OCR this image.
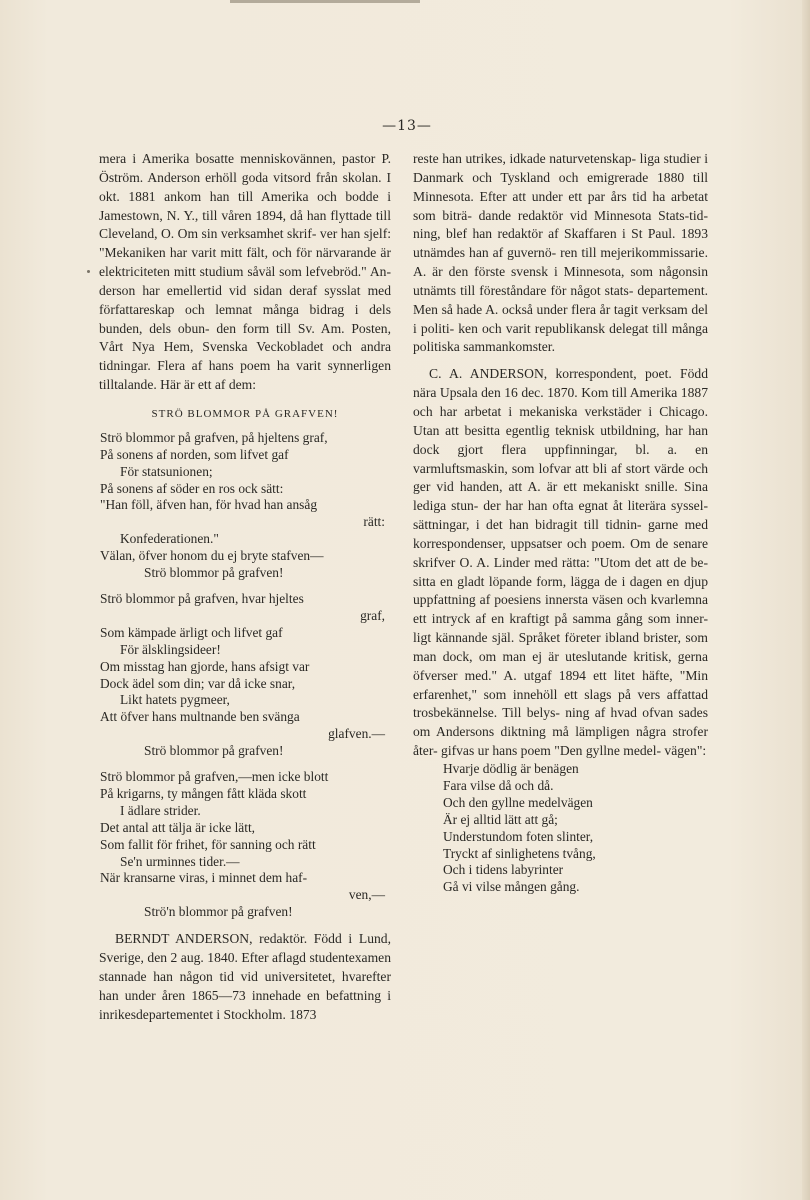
—13—

mera i Amerika bosatte menniskovännen, pastor P. Öström. Anderson erhöll goda vitsord från skolan. I okt. 1881 ankom han till Amerika och bodde i Jamestown, N. Y., till våren 1894, då han flyttade till Cleveland, O. Om sin verksamhet skrif- ver han sjelf: "Mekaniken har varit mitt fält, och för närvarande är elektriciteten mitt studium såväl som lefvebröd." An- derson har emellertid vid sidan deraf sysslat med författareskap och lemnat många bidrag i dels bunden, dels obun- den form till Sv. Am. Posten, Vårt Nya Hem, Svenska Veckobladet och andra tidningar. Flera af hans poem ha varit synnerligen tilltalande. Här är ett af dem:

STRÖ BLOMMOR PÅ GRAFVEN!
Strö blommor på grafven, på hjeltens graf,
På sonens af norden, som lifvet gaf
För statsunionen;
På sonens af söder en ros ock sätt:
"Han föll, äfven han, för hvad han ansåg
rätt:
Konfederationen."
Välan, öfver honom du ej bryte stafven—
Strö blommor på grafven!
Strö blommor på grafven, hvar hjeltes
graf,
Som kämpade ärligt och lifvet gaf
För älsklingsideer!
Om misstag han gjorde, hans afsigt var
Dock ädel som din; var då icke snar,
Likt hatets pygmeer,
Att öfver hans multnande ben svänga
glafven.—
Strö blommor på grafven!
Strö blommor på grafven,—men icke blott
På krigarns, ty mången fått kläda skott
I ädlare strider.
Det antal att tälja är icke lätt,
Som fallit för frihet, för sanning och rätt
Se'n urminnes tider.—
När kransarne viras, i minnet dem haf-
ven,—
Strö'n blommor på grafven!

BERNDT ANDERSON, redaktör. Född i Lund, Sverige, den 2 aug. 1840. Efter aflagd studentexamen stannade han någon tid vid universitetet, hvarefter han under åren 1865—73 innehade en befattning i inrikesdepartementet i Stockholm. 1873

reste han utrikes, idkade naturvetenskap- liga studier i Danmark och Tyskland och emigrerade 1880 till Minnesota. Efter att under ett par års tid ha arbetat som biträ- dande redaktör vid Minnesota Stats-tid- ning, blef han redaktör af Skaffaren i St Paul. 1893 utnämdes han af guvernö- ren till mejerikommissarie. A. är den förste svensk i Minnesota, som någonsin utnämts till föreståndare för något stats- departement. Men så hade A. också under flera år tagit verksam del i politi- ken och varit republikansk delegat till många politiska sammankomster.

C. A. ANDERSON, korrespondent, poet. Född nära Upsala den 16 dec. 1870. Kom till Amerika 1887 och har arbetat i mekaniska verkstäder i Chicago. Utan att besitta egentlig teknisk utbildning, har han dock gjort flera uppfinningar, bl. a. en varmluftsmaskin, som lofvar att bli af stort värde och ger vid handen, att A. är ett mekaniskt snille. Sina lediga stun- der har han ofta egnat åt literära syssel- sättningar, i det han bidragit till tidnin- garne med korrespondenser, uppsatser och poem. Om de senare skrifver O. A. Linder med rätta: "Utom det att de be- sitta en gladt löpande form, lägga de i dagen en djup uppfattning af poesiens innersta väsen och kvarlemna ett intryck af en kraftigt på samma gång som inner- ligt kännande själ. Språket företer ibland brister, som man dock, om man ej är uteslutande kritisk, gerna öfverser med." A. utgaf 1894 ett litet häfte, "Min erfarenhet," som innehöll ett slags på vers affattad trosbekännelse. Till belys- ning af hvad ofvan sades om Andersons diktning må lämpligen några strofer åter- gifvas ur hans poem "Den gyllne medel- vägen":

Hvarje dödlig är benägen
Fara vilse då och då.
Och den gyllne medelvägen
Är ej alltid lätt att gå;
Understundom foten slinter,
Tryckt af sinlighetens tvång,
Och i tidens labyrinter
Gå vi vilse mången gång.
